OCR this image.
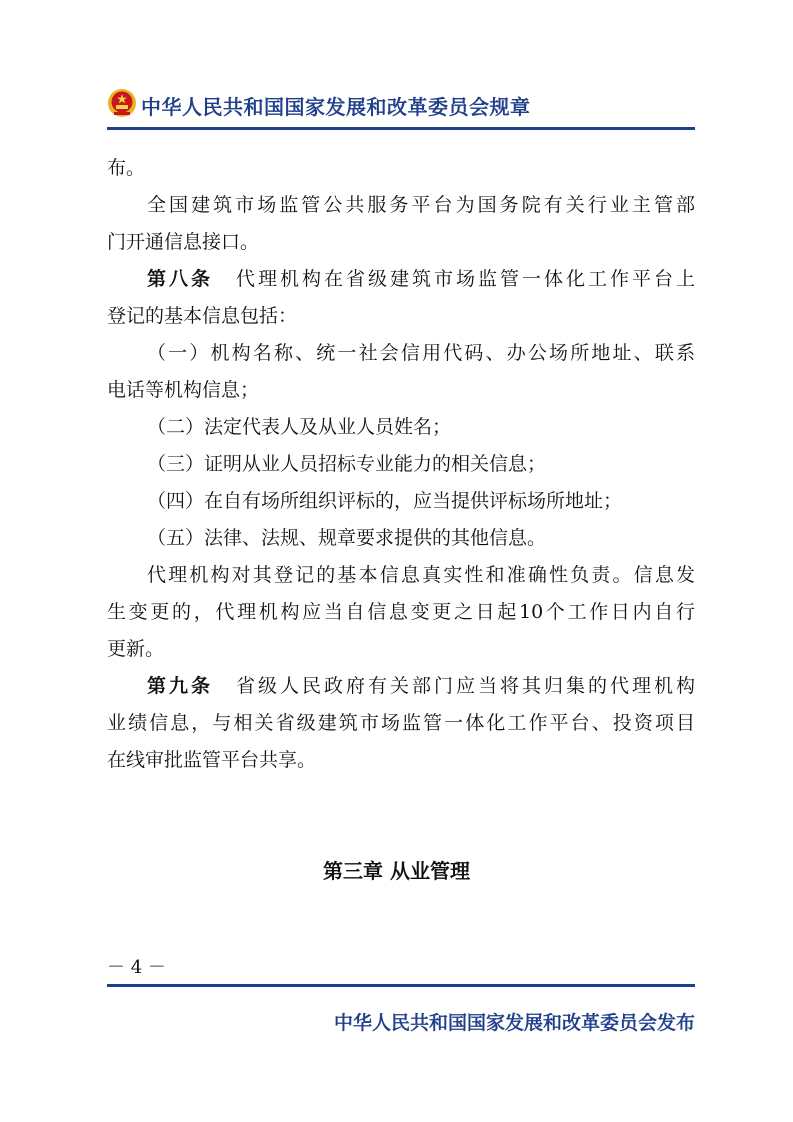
中华人民共和国国家发展和改革委员会规章
布。
全国建筑市场监管公共服务平台为国务院有关行业主管部
门开通信息接口。
第八条 代理机构在省级建筑市场监管一体化工作平台上
登记的基本信息包括：
（一）机构名称、统一社会信用代码、办公场所地址、联系
电话等机构信息；
（二）法定代表人及从业人员姓名；
（三）证明从业人员招标专业能力的相关信息；
（四）在自有场所组织评标的，应当提供评标场所地址；
（五）法律、法规、规章要求提供的其他信息。
代理机构对其登记的基本信息真实性和准确性负责。信息发
生变更的，代理机构应当自信息变更之日起10个工作日内自行
更新。
第九条 省级人民政府有关部门应当将其归集的代理机构
业绩信息，与相关省级建筑市场监管一体化工作平台、投资项目
在线审批监管平台共享。
第三章 从业管理
－ 4 －
中华人民共和国国家发展和改革委员会发布
